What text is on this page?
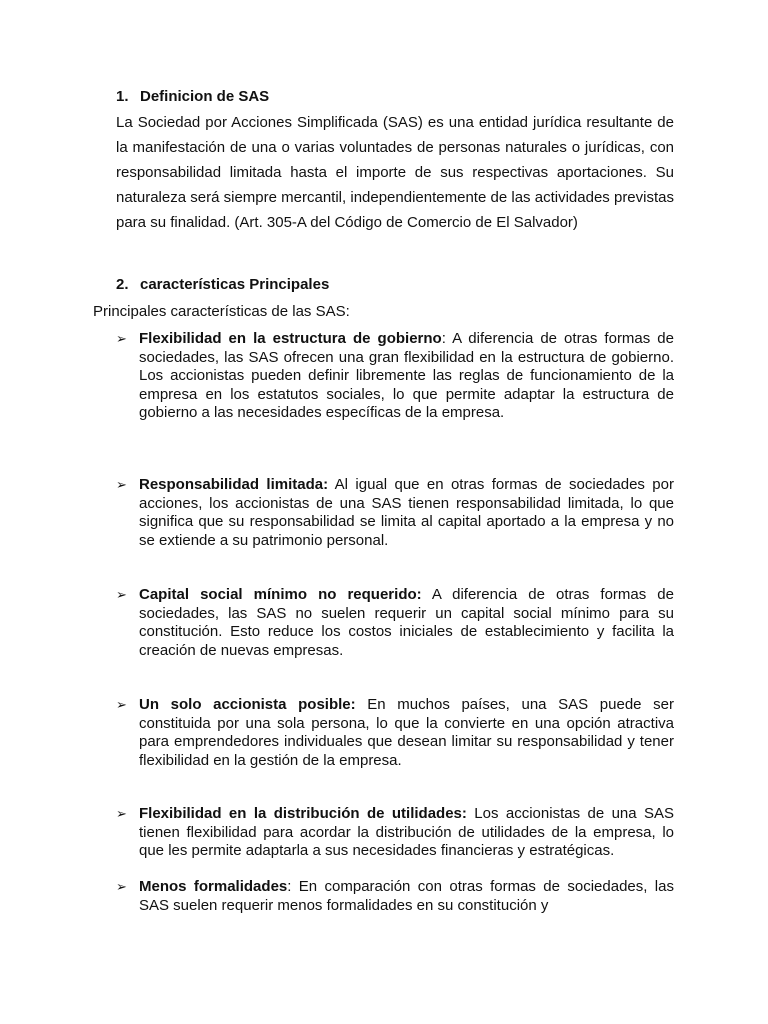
1. Definicion de SAS
La Sociedad por Acciones Simplificada (SAS) es una entidad jurídica resultante de la manifestación de una o varias voluntades de personas naturales o jurídicas, con responsabilidad limitada hasta el importe de sus respectivas aportaciones. Su naturaleza será siempre mercantil, independientemente de las actividades previstas para su finalidad. (Art. 305-A del Código de Comercio de El Salvador)
2. características Principales
Principales características de las SAS:
➢ Flexibilidad en la estructura de gobierno: A diferencia de otras formas de sociedades, las SAS ofrecen una gran flexibilidad en la estructura de gobierno. Los accionistas pueden definir libremente las reglas de funcionamiento de la empresa en los estatutos sociales, lo que permite adaptar la estructura de gobierno a las necesidades específicas de la empresa.
➢ Responsabilidad limitada: Al igual que en otras formas de sociedades por acciones, los accionistas de una SAS tienen responsabilidad limitada, lo que significa que su responsabilidad se limita al capital aportado a la empresa y no se extiende a su patrimonio personal.
➢ Capital social mínimo no requerido: A diferencia de otras formas de sociedades, las SAS no suelen requerir un capital social mínimo para su constitución. Esto reduce los costos iniciales de establecimiento y facilita la creación de nuevas empresas.
➢ Un solo accionista posible: En muchos países, una SAS puede ser constituida por una sola persona, lo que la convierte en una opción atractiva para emprendedores individuales que desean limitar su responsabilidad y tener flexibilidad en la gestión de la empresa.
➢ Flexibilidad en la distribución de utilidades: Los accionistas de una SAS tienen flexibilidad para acordar la distribución de utilidades de la empresa, lo que les permite adaptarla a sus necesidades financieras y estratégicas.
➢ Menos formalidades: En comparación con otras formas de sociedades, las SAS suelen requerir menos formalidades en su constitución y
